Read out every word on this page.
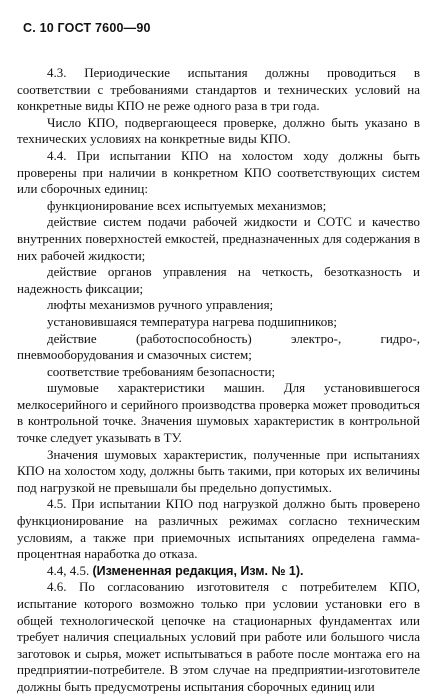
С. 10 ГОСТ 7600—90

4.3. Периодические испытания должны проводиться в соответствии с требованиями стандартов и технических условий на конкретные виды КПО не реже одного раза в три года.

Число КПО, подвергающееся проверке, должно быть указано в технических условиях на конкретные виды КПО.

4.4. При испытании КПО на холостом ходу должны быть проверены при наличии в конкретном КПО соответствующих систем или сборочных единиц:

функционирование всех испытуемых механизмов;

действие систем подачи рабочей жидкости и СОТС и качество внутренних поверхностей емкостей, предназначенных для содержания в них рабочей жидкости;

действие органов управления на четкость, безотказность и надежность фиксации;

люфты механизмов ручного управления;

установившаяся температура нагрева подшипников;

действие (работоспособность) электро-, гидро-, пневмооборудования и смазочных систем;

соответствие требованиям безопасности;

шумовые характеристики машин. Для установившегося мелкосерийного и серийного производства проверка может проводиться в контрольной точке. Значения шумовых характеристик в контрольной точке следует указывать в ТУ.

Значения шумовых характеристик, полученные при испытаниях КПО на холостом ходу, должны быть такими, при которых их величины под нагрузкой не превышали бы предельно допустимых.

4.5. При испытании КПО под нагрузкой должно быть проверено функционирование на различных режимах согласно техническим условиям, а также при приемочных испытаниях определена гамма-процентная наработка до отказа.

4.4, 4.5. (Измененная редакция, Изм. № 1).

4.6. По согласованию изготовителя с потребителем КПО, испытание которого возможно только при условии установки его в общей технологической цепочке на стационарных фундаментах или требует наличия специальных условий при работе или большого числа заготовок и сырья, может испытываться в работе после монтажа его на предприятии-потребителе. В этом случае на предприятии-изготовителе должны быть предусмотрены испытания сборочных единиц или
